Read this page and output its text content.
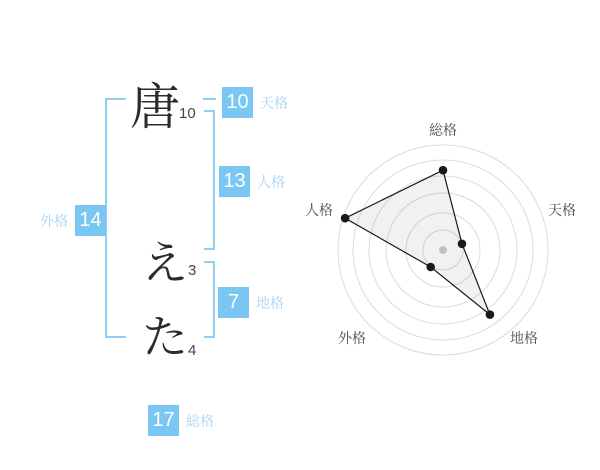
唐 10
え 3
た 4
10 天格
13 人格
7	地格
外格 14
17 総格
総格
天格
地格
外格
人格
